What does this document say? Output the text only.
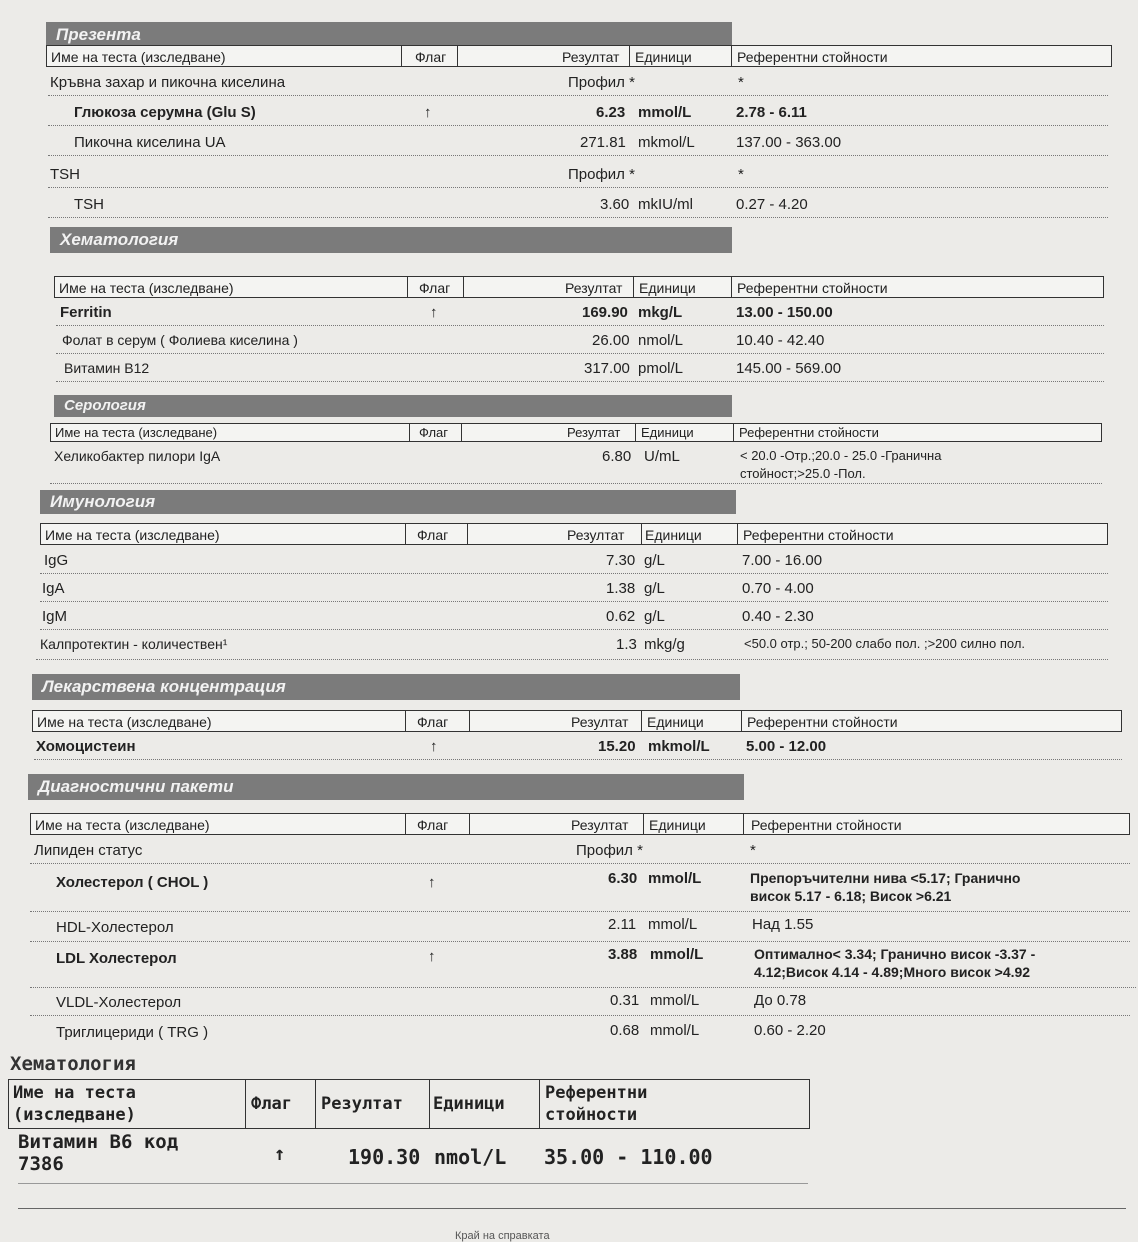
Презента
Име на теста (изследване)	Флаг	Резултат Единици	Референтни стойности
Кръвна захар и пикочна киселина	Профил *	*
Глюкоза серумна (Glu S)	↑	6.23 mmol/L	2.78 - 6.11
Пикочна киселина UA	271.81 mkmol/L	137.00 - 363.00
TSH	Профил *	*
TSH	3.60 mkIU/ml	0.27 - 4.20
Хематология
Име на теста (изследване)	Флаг	Резултат Единици	Референтни стойности
Ferritin	↑	169.90 mkg/L	13.00 - 150.00
Фолат в серум ( Фолиева киселина )	26.00 nmol/L	10.40 - 42.40
Витамин B12	317.00 pmol/L	145.00 - 569.00
Серология
Име на теста (изследване)	Флаг	Резултат Единици	Референтни стойности
Хеликобактер пилори IgA	6.80 U/mL	< 20.0 -Отр.;20.0 - 25.0 -Гранична
стойност;>25.0 -Пол.
Имунология
Име на теста (изследване)	Флаг	Резултат Единици	Референтни стойности
IgG	7.30 g/L	7.00 - 16.00
IgA	1.38 g/L	0.70 - 4.00
IgM	0.62 g/L	0.40 - 2.30
Калпротектин - количествен¹	1.3 mkg/g	<50.0 отр.; 50-200 слабо пол. ;>200 силно пол.
Лекарствена концентрация
Име на теста (изследване)	Флаг	Резултат Единици	Референтни стойности
Хомоцистеин	↑	15.20 mkmol/L 5.00 - 12.00
Диагностични пакети
Име на теста (изследване)	Флаг	Резултат Единици	Референтни стойности
Липиден статус	Профил *	*
Холестерол ( CHOL )	↑	6.30 mmol/L	Препоръчителни нива <5.17; Гранично
висок 5.17 - 6.18; Висок >6.21
HDL-Холестерол	2.11 mmol/L	Над 1.55
LDL Холестерол	↑	3.88 mmol/L	Оптимално< 3.34; Гранично висок -3.37 -
4.12;Висок 4.14 - 4.89;Много висок >4.92
VLDL-Холестерол	0.31 mmol/L	До 0.78
Триглицериди ( TRG )	0.68 mmol/L	0.60 - 2.20
Хематология
Име на теста
(изследване)
Флаг Резултат Единици
Референтни
стойности
Витамин В6 код
7386	↑	190.30 nmol/L 35.00 - 110.00
Край на справката
